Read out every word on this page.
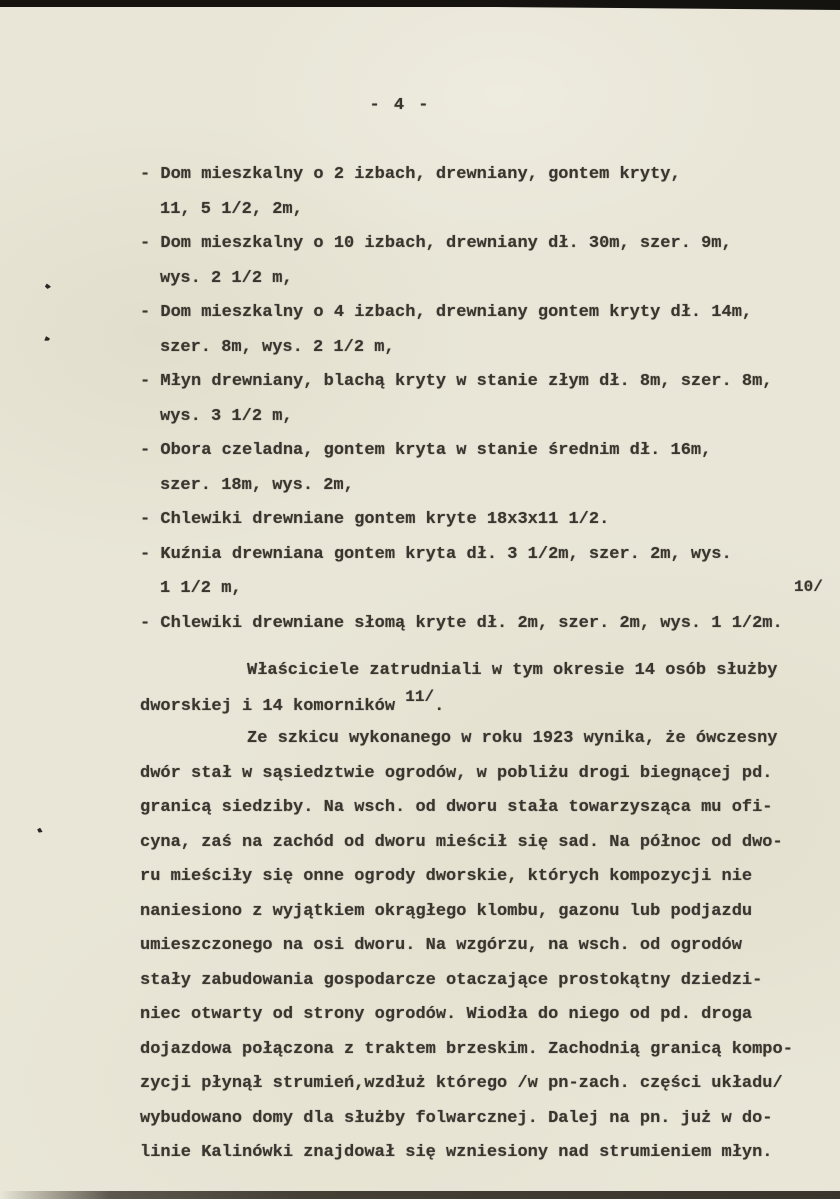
- 4 -
- Dom mieszkalny o 2 izbach, drewniany, gontem kryty,
11, 5 1/2, 2m,
- Dom mieszkalny o 10 izbach, drewniany dł. 30m, szer. 9m,
wys. 2 1/2 m,
- Dom mieszkalny o 4 izbach, drewniany gontem kryty dł. 14m,
szer. 8m, wys. 2 1/2 m,
- Młyn drewniany, blachą kryty w stanie złym dł. 8m, szer. 8m,
wys. 3 1/2 m,
- Obora czeladna, gontem kryta w stanie średnim dł. 16m,
szer. 18m, wys. 2m,
- Chlewiki drewniane gontem kryte 18x3x11 1/2.
- Kuźnia drewniana gontem kryta dł. 3 1/2m, szer. 2m, wys.
1 1/2 m,
- Chlewiki drewniane słomą kryte dł. 2m, szer. 2m, wys. 1 1/2m.
10/
Właściciele zatrudniali w tym okresie 14 osób służby
dworskiej i 14 komorników 11/.
Ze szkicu wykonanego w roku 1923 wynika, że ówczesny
dwór stał w sąsiedztwie ogrodów, w pobliżu drogi biegnącej pd.
granicą siedziby. Na wsch. od dworu stała towarzysząca mu ofi-
cyna, zaś na zachód od dworu mieścił się sad. Na północ od dwo-
ru mieściły się onne ogrody dworskie, których kompozycji nie
naniesiono z wyjątkiem okrągłego klombu, gazonu lub podjazdu
umieszczonego na osi dworu. Na wzgórzu, na wsch. od ogrodów
stały zabudowania gospodarcze otaczające prostokątny dziedzi-
niec otwarty od strony ogrodów. Wiodła do niego od pd. droga
dojazdowa połączona z traktem brzeskim. Zachodnią granicą kompo-
zycji płynął strumień,wzdłuż którego /w pn-zach. części układu/
wybudowano domy dla służby folwarcznej. Dalej na pn. już w do-
linie Kalinówki znajdował się wzniesiony nad strumieniem młyn.
